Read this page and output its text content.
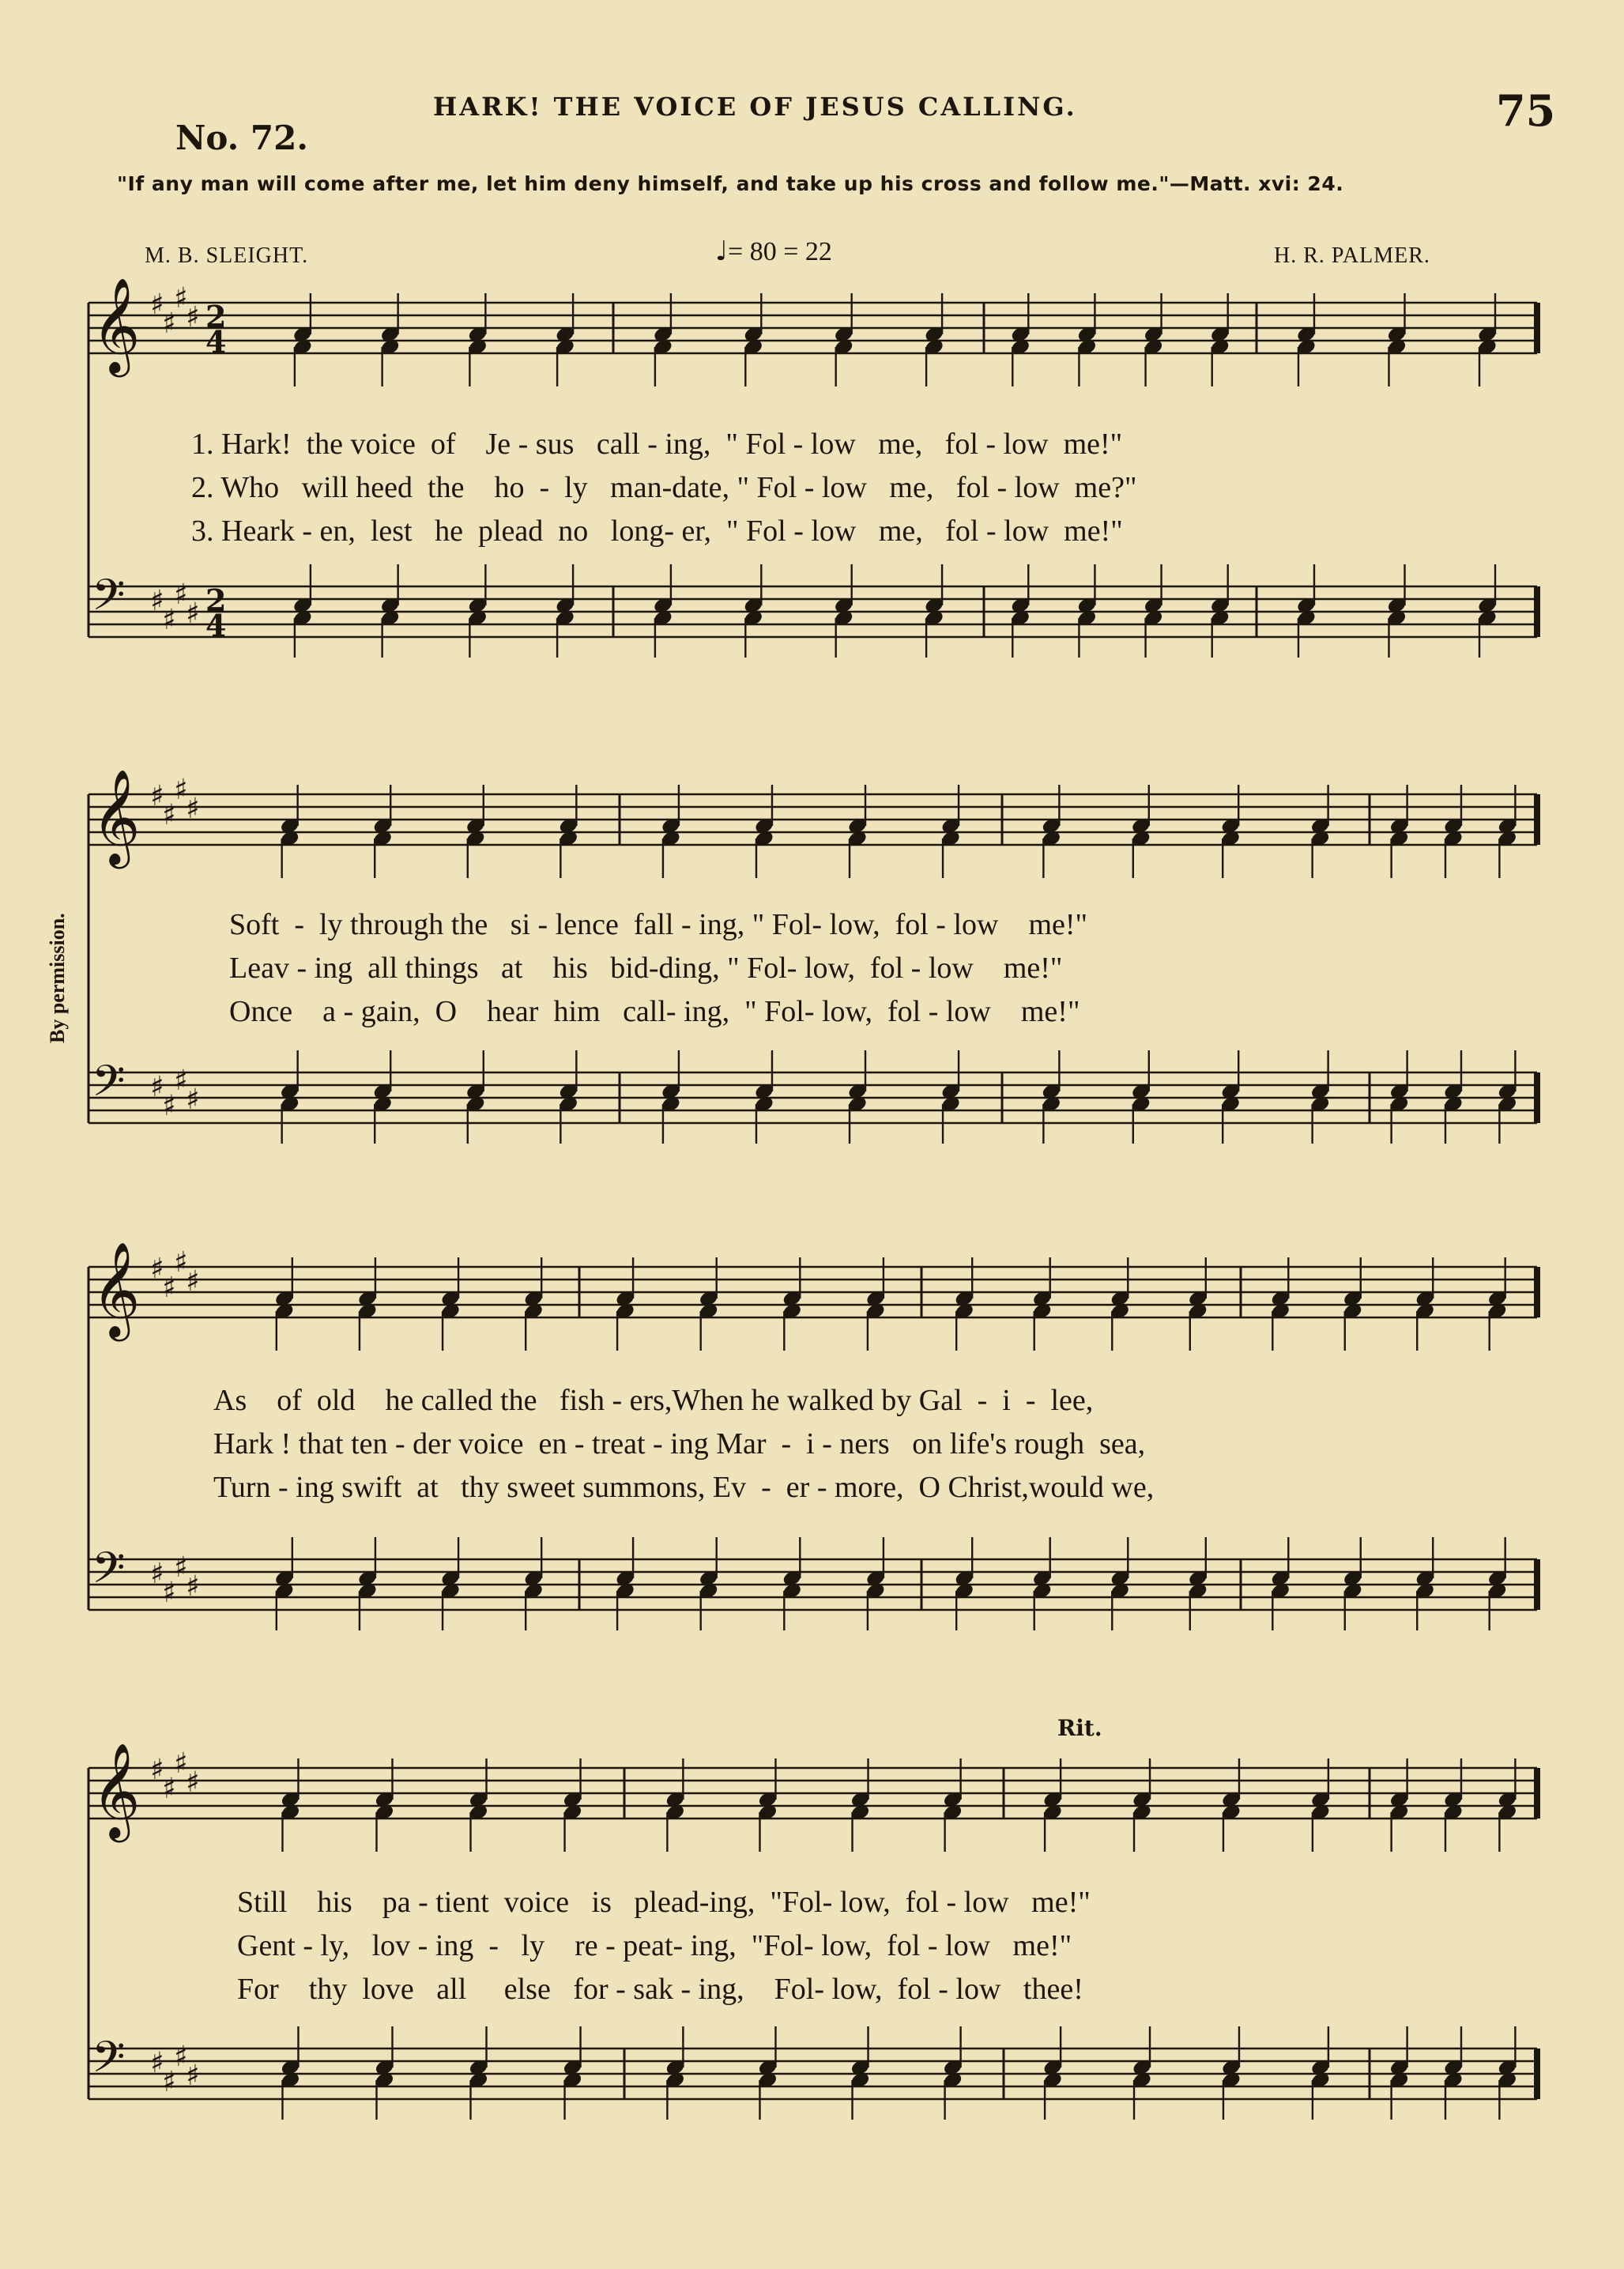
75
No. 72.
HARK! THE VOICE OF JESUS CALLING.
"If any man will come after me, let him deny himself, and take up his cross and follow me."—Matt. xvi: 24.
M. B. SLEIGHT.	♩= 80 = 22	H. R. PALMER.
By permission.
Rit.
𝄞 ♯
♯
♯
♯ 2
4
𝄢 ♯
♯
♯
♯ 2
4
𝄞 ♯
♯
♯
♯
𝄢 ♯
♯
♯
♯
𝄞 ♯
♯
♯
♯
𝄢 ♯
♯
♯
♯
𝄞 ♯
♯
♯
♯
𝄢 ♯
♯
♯
♯
1. Hark!  the voice  of    Je - sus   call - ing,  " Fol - low   me,   fol - low  me!"
2. Who   will heed  the    ho  -  ly   man-date, " Fol - low   me,   fol - low  me?"
3. Heark - en,  lest   he  plead  no   long- er,  " Fol - low   me,   fol - low  me!"
Soft  -  ly through the   si - lence  fall - ing, " Fol- low,  fol - low    me!"
Leav - ing  all things   at    his   bid-ding, " Fol- low,  fol - low    me!"
Once    a - gain,  O    hear  him   call- ing,  " Fol- low,  fol - low    me!"
As    of  old    he called the   fish - ers,When he walked by Gal  -  i  -  lee,
Hark ! that ten - der voice  en - treat - ing Mar  -  i - ners   on life's rough  sea,
Turn - ing swift  at   thy sweet summons, Ev  -  er - more,  O Christ,would we,
Still    his    pa - tient  voice   is   plead-ing,  "Fol- low,  fol - low   me!"
Gent - ly,   lov - ing  -   ly    re - peat- ing,  "Fol- low,  fol - low   me!"
For    thy  love   all     else   for - sak - ing,    Fol- low,  fol - low   thee!
